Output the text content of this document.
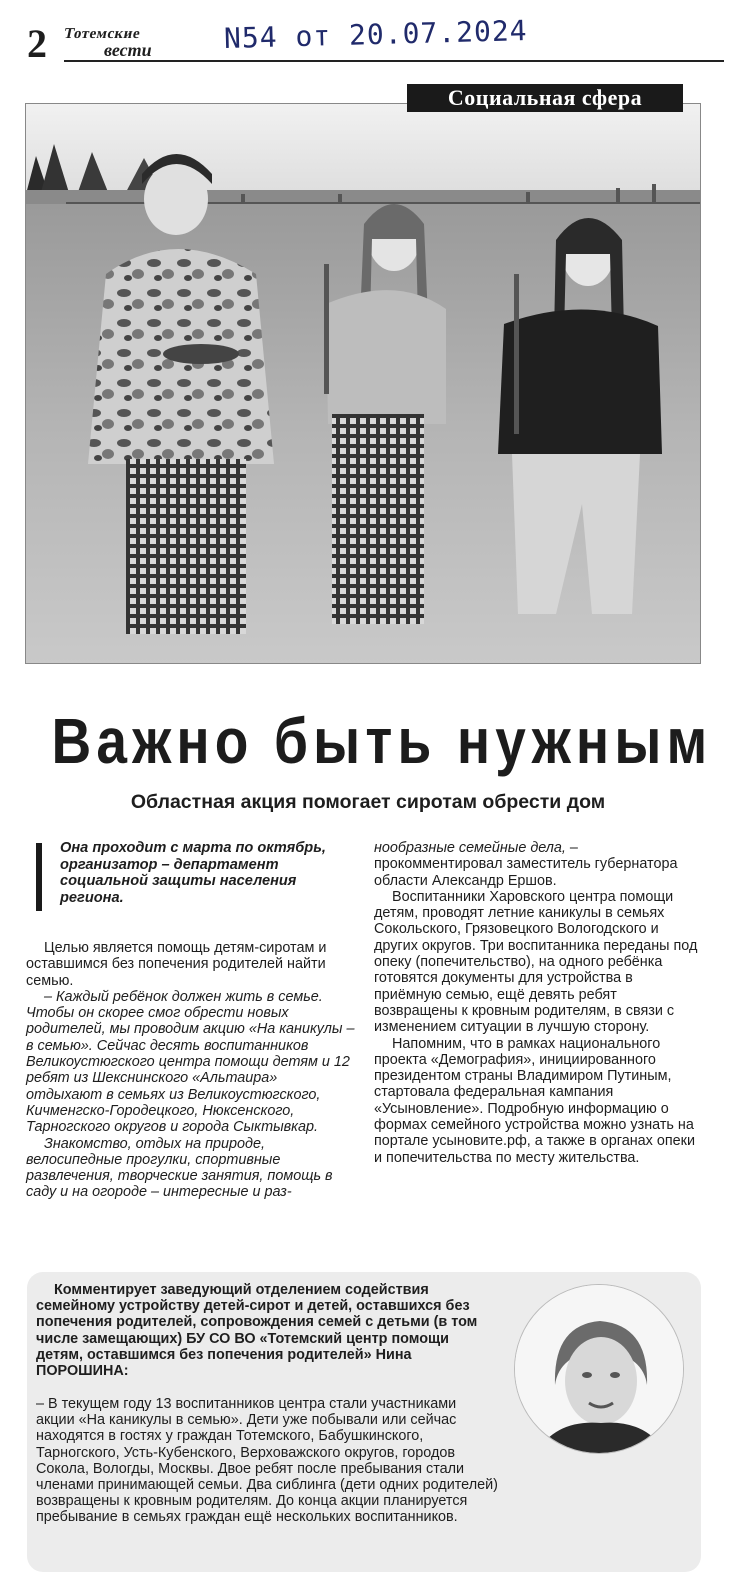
2 Тотемские
вести	N54 от 20.07.2024
Социальная сфера
Важно быть нужным
Областная акция помогает сиротам обрести дом
Она проходит с марта по октябрь, организатор – департамент социальной защиты населения региона.

Целью является помощь детям-сиротам и оставшимся без попечения родителей найти семью.

– Каждый ребёнок должен жить в семье. Чтобы он скорее смог обрести новых родителей, мы проводим акцию «На каникулы – в семью». Сейчас десять воспитанников Великоустюгского центра помощи детям и 12 ребят из Шекснинского «Альтаира» отдыхают в семьях из Великоустюгского, Кичменгско-Городецкого, Нюксенского, Тарногского округов и города Сыктывкар.

Знакомство, отдых на природе, велосипедные прогулки, спортивные развлечения, творческие занятия, помощь в саду и на огороде – интересные и раз-

нообразные семейные дела, – прокомментировал заместитель губернатора области Александр Ершов.

Воспитанники Харовского центра помощи детям, проводят летние каникулы в семьях Сокольского, Грязовецкого Вологодского и других округов. Три воспитанника переданы под опеку (попечительство), на одного ребёнка готовятся документы для устройства в приёмную семью, ещё девять ребят возвращены к кровным родителям, в связи с изменением ситуации в лучшую сторону.

Напомним, что в рамках национального проекта «Демография», инициированного президентом страны Владимиром Путиным, стартовала федеральная кампания «Усыновление». Подробную информацию о формах семейного устройства можно узнать на портале усыновите.рф, а также в органах опеки и попечительства по месту жительства.

Комментирует заведующий отделением содействия семейному устройству детей-сирот и детей, оставшихся без попечения родителей, сопровождения семей с детьми (в том числе замещающих) БУ СО ВО «Тотемский центр помощи детям, оставшимся без попечения родителей» Нина ПОРОШИНА:
– В текущем году 13 воспитанников центра стали участниками акции «На каникулы в семью». Дети уже побывали или сейчас находятся в гостях у граждан Тотемского, Бабушкинского, Тарногского, Усть-Кубенского, Верховажского округов, городов Сокола, Вологды, Москвы. Двое ребят после пребывания стали членами принимающей семьи. Два сиблинга (дети одних родителей) возвращены к кровным родителям. До конца акции планируется пребывание в семьях граждан ещё нескольких воспитанников.
